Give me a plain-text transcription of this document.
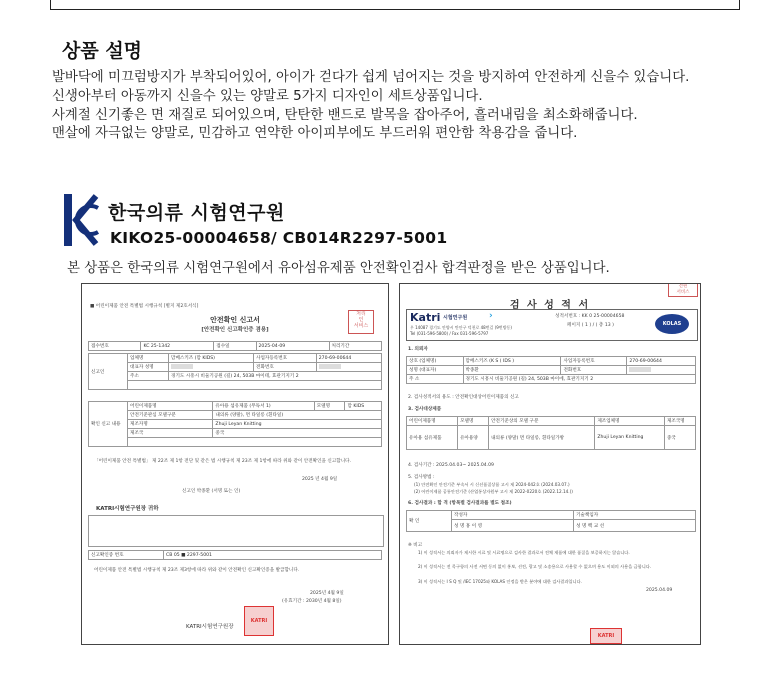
상품 설명

발바닥에 미끄럼방지가 부착되어있어, 아이가 걷다가 쉽게 넘어지는 것을 방지하여 안전하게 신을수 있습니다.

신생아부터 아동까지 신을수 있는 양말로 5가지 디자인이 세트상품입니다.

사계절 신기좋은 면 재질로 되어있으며, 탄탄한 밴드로 발목을 잡아주어, 흘러내림을 최소화해줍니다.

맨살에 자극없는 양말로, 민감하고 연약한 아이피부에도 부드러워 편안함 착용감을 줍니다.

한국의류 시험연구원
KIKO25-00004658/ CB014R2297-5001
본 상품은 한국의류 시험연구원에서 유아섬유제품 안전확인검사 합격판정을 받은 상품입니다.
■ 어린이제품 안전 특별법 시행규칙 [별지 제2호서식]
안전확인 신고서
[안전확인 신고확인증 겸용]
처리
인
서비스
접수번호	KC 25-1342	접수일	2025-04-09	처리기간
신고인	업체명	맘베스키즈 (맘 KIDS)	사업자등록번호	270-69-00644
	대표자 성명		전화번호	
	주소	경기도 시흥시 비둘기공원 (길) 24, 503B 마이테, 효관기지기 2		

확인 신고 내용	어린이제품명	유아용 섬유제품 (무독서 1)	모델명	맘 KIDS
	안전기준관심 모델구분	내의류 (양말), 면 타일롱 (흰타일)		
	제조자명	Zhuji Leyan Knitting		
	제조국	중국		

「어린이제품 안전 특별법」 제 22조 제 1항 전단 및 같은 법 시행규칙 제 23조 제 1항에 따라 위와 같이 안전확인을 신고합니다.
2025 년 4월 9일
신고인 박종환 (서명 또는 인)
KATRI시험연구원장 귀하
신고확인증 번호	CB 05 ■ 2297-5001
어린이제품 안전 특별법 시행규칙 제 23조 제3항에 따라 위와 같이 안전확인 신고확인증을 발급합니다.
2025년 4월 9일
(유효기간 : 2030년 4월 8일)
KATRI시험연구원장
KATRI
전원
서비스
검 사 성 적 서
Katri 시험연구원 ›
우 14087 경기도 안양시 만안구 덕천로 48번길 (9번방동)
Tel (031-596-5800) / Fax 031-596-5797
성적서번호 : KK 0 25-00004658
페이지 ( 1 ) / ( 총 13 )	KOLAS
1. 의뢰자
상호 (업체명)	맘베스키즈 (K S ( IDS )	사업자등록번호	270-69-00644
성명 (대표자)	박종환	전화번호	
주 소	경기도 시흥시 비둘기공원 (길) 24, 503B 마이에, 효관기지기 2		
2. 검사성적서의 용도 : 안전확인대상어린이제품의 신고
3. 검사대상제품
어린이제품명	모델명	안전기준상의 모델 구분	제조업체명	제조국명
유아용 섬유제품	유아용양	내의류 (양말) 면 타일롱, 흰타일가방	Zhuji Leyan Knitting	중국
4. 검사기간 : 2025.04.03~ 2025.04.09
5. 검사방법 :
(1) 안전확인 안전기준 부속서 시 신선품질상품 고시 제 2024-042호 (2024.03.07.)
(2) 어린이제품 공통안전기준 (산업통상자원부 고시 제 2022-0220호 (2022.12.14.))
6. 검사결과 : 합 격 (항목별 검사결과를 별도 첨조)
확 인	작성자	기술책임자
	성 명 홍 이 영	성 명 백 교 선
※ 비고
1) 이 성적서는 의뢰자가 제시한 시료 및 시료명으로 검사한 결과로서 전체 제품에 대한 품질을 보증하지는 않습니다.
2) 이 성적서는 전 목구항의 사전 서면 동의 없이 홍보, 선전, 광고 및 소송용으로 사용할 수 없으며 용도 이외의 사용을 금합니다.
3) 이 성적서는 I S Q 및 /IEC 17025와 KOLAS 인정을 받은 분야에 대한 검사결과입니다.
2025.04.09
KATRI
